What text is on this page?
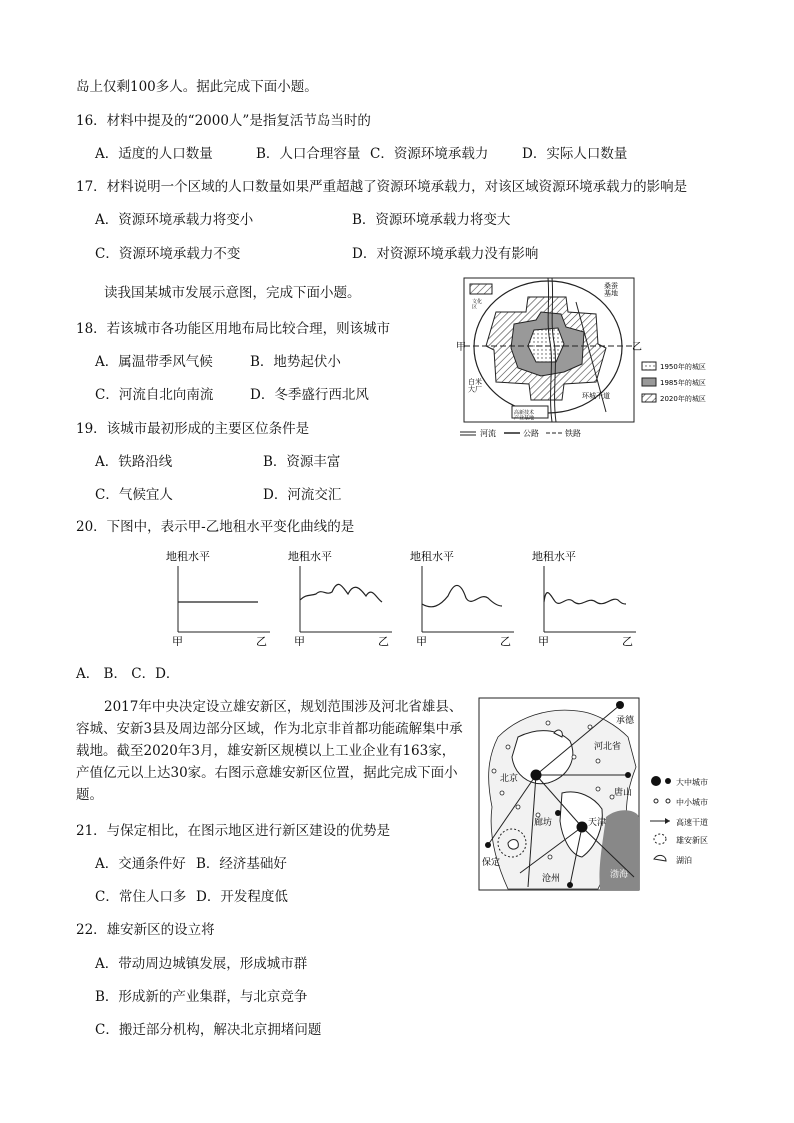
岛上仅剩100多人。据此完成下面小题。
16．材料中提及的“2000人”是指复活节岛当时的
A．适度的人口数量	B．人口合理容量 C．资源环境承载力 D．实际人口数量
17．材料说明一个区域的人口数量如果严重超越了资源环境承载力，对该区域资源环境承载力的影响是
A．资源环境承载力将变小	B．资源环境承载力将变大
C．资源环境承载力不变	D．对资源环境承载力没有影响
读我国某城市发展示意图，完成下面小题。
18．若该城市各功能区用地布局比较合理，则该城市
A．属温带季风气候	B．地势起伏小
C．河流自北向南流	D．冬季盛行西北风
19．该城市最初形成的主要区位条件是
A．铁路沿线	B．资源丰富
C．气候宜人	D．河流交汇
20．下图中，表示甲-乙地租水平变化曲线的是
文化区
桑蚕基地
白米大厂
高新技术产业基地
环城干道
甲	乙
1950年的城区
1985年的城区
2020年的城区
河流	公路	铁路
地租水平
甲	乙
地租水平
甲	乙
地租水平
甲	乙
地租水平
甲	乙
A． B． C．D．
2017年中央决定设立雄安新区，规划范围涉及河北省雄县、容城、安新3县及周边部分区域，作为北京非首都功能疏解集中承载地。截至2020年3月，雄安新区规模以上工业企业有163家，产值亿元以上达30家。右图示意雄安新区位置，据此完成下面小题。
渤海
承德
河北省
北京
唐山
廊坊	天津
保定
沧州
大中城市
中小城市
高速干道
雄安新区
湖泊
21．与保定相比，在图示地区进行新区建设的优势是
A．交通条件好 B．经济基础好
C．常住人口多 D．开发程度低
22．雄安新区的设立将
A．带动周边城镇发展，形成城市群
B．形成新的产业集群，与北京竞争
C．搬迁部分机构，解决北京拥堵问题
